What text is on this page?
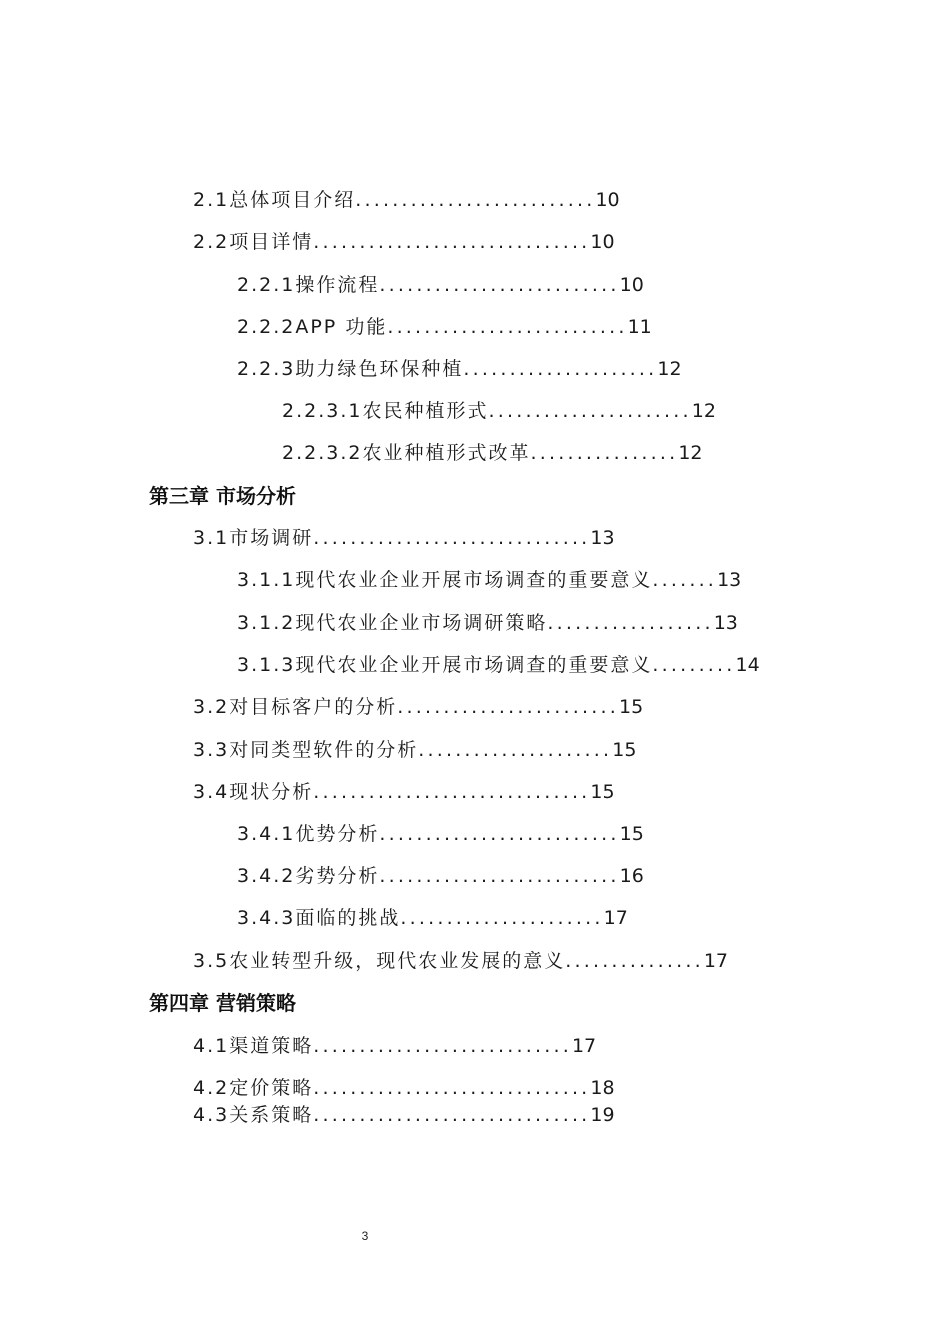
2.1总体项目介绍..........................10
2.2项目详情..............................10
2.2.1操作流程..........................10
2.2.2APP 功能..........................11
2.2.3助力绿色环保种植.....................12
2.2.3.1农民种植形式......................12
2.2.3.2农业种植形式改革................12
第三章 市场分析
3.1市场调研..............................13
3.1.1现代农业企业开展市场调查的重要意义.......13
3.1.2现代农业企业市场调研策略..................13
3.1.3现代农业企业开展市场调查的重要意义.........14
3.2对目标客户的分析........................15
3.3对同类型软件的分析.....................15
3.4现状分析..............................15
3.4.1优势分析..........................15
3.4.2劣势分析..........................16
3.4.3面临的挑战......................17
3.5农业转型升级，现代农业发展的意义...............17
第四章 营销策略
4.1渠道策略............................17
4.2定价策略..............................18
4.3关系策略..............................19
3
